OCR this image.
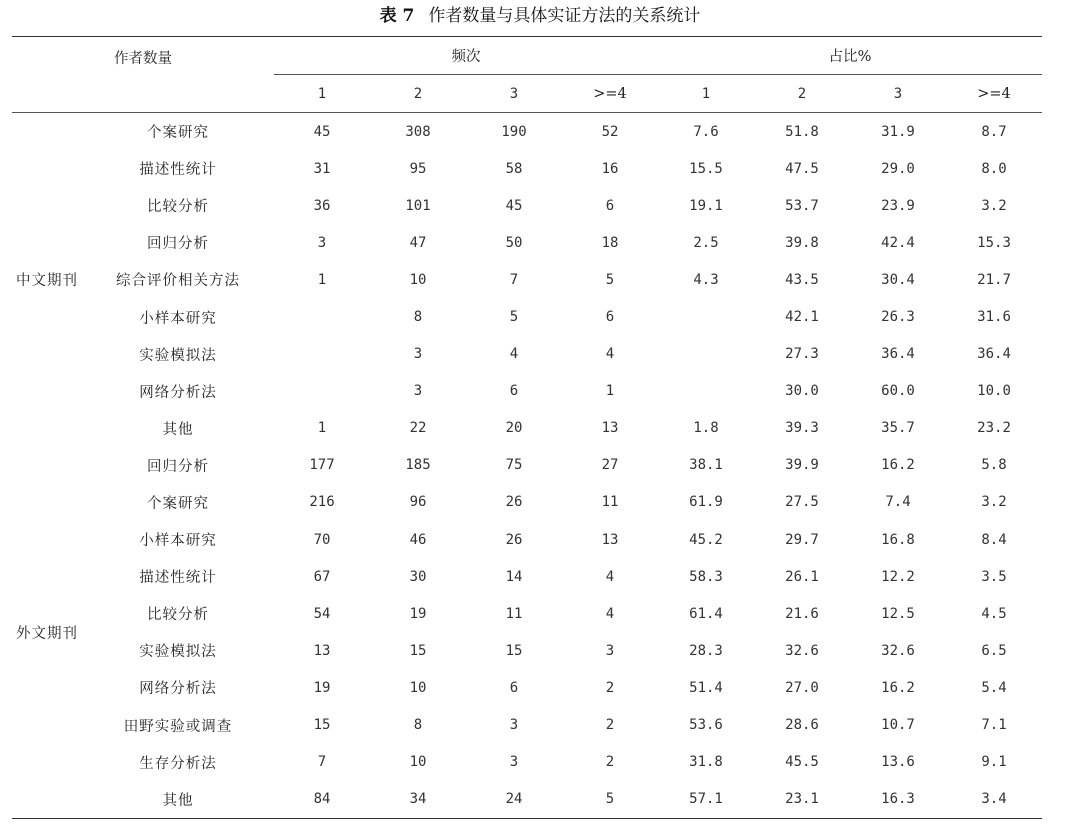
表 7 作者数量与具体实证方法的关系统计
作者数量		频次				占比%			
		1	2	3	>=4	1	2	3	>=4
中文期刊	个案研究	45	308	190	52	7.6	51.8	31.9	8.7
	描述性统计	31	95	58	16	15.5	47.5	29.0	8.0
	比较分析	36	101	45	6	19.1	53.7	23.9	3.2
	回归分析	3	47	50	18	2.5	39.8	42.4	15.3
	综合评价相关方法	1	10	7	5	4.3	43.5	30.4	21.7
	小样本研究		8	5	6		42.1	26.3	31.6
	实验模拟法		3	4	4		27.3	36.4	36.4
	网络分析法		3	6	1		30.0	60.0	10.0
	其他	1	22	20	13	1.8	39.3	35.7	23.2
外文期刊	回归分析	177	185	75	27	38.1	39.9	16.2	5.8
	个案研究	216	96	26	11	61.9	27.5	7.4	3.2
	小样本研究	70	46	26	13	45.2	29.7	16.8	8.4
	描述性统计	67	30	14	4	58.3	26.1	12.2	3.5
	比较分析	54	19	11	4	61.4	21.6	12.5	4.5
	实验模拟法	13	15	15	3	28.3	32.6	32.6	6.5
	网络分析法	19	10	6	2	51.4	27.0	16.2	5.4
	田野实验或调查	15	8	3	2	53.6	28.6	10.7	7.1
	生存分析法	7	10	3	2	31.8	45.5	13.6	9.1
	其他	84	34	24	5	57.1	23.1	16.3	3.4
